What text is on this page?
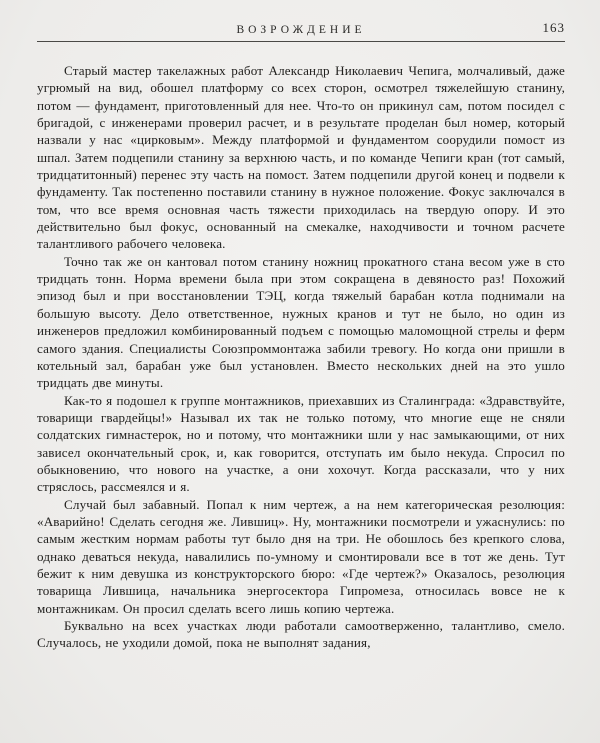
ВОЗРОЖДЕНИЕ	163

Старый мастер такелажных работ Александр Николаевич Чепига, молчаливый, даже угрюмый на вид, обошел платформу со всех сторон, осмотрел тяжелейшую станину, потом — фундамент, приготовленный для нее. Что-то он прикинул сам, потом посидел с бригадой, с инженерами проверил расчет, и в результате проделан был номер, который назвали у нас «цирковым». Между платформой и фундаментом соорудили помост из шпал. Затем подцепили станину за верхнюю часть, и по команде Чепиги кран (тот самый, тридцатитонный) перенес эту часть на помост. Затем подцепили другой конец и подвели к фундаменту. Так постепенно поставили станину в нужное положение. Фокус заключался в том, что все время основная часть тяжести приходилась на твердую опору. И это действительно был фокус, основанный на смекалке, находчивости и точном расчете талантливого рабочего человека.

Точно так же он кантовал потом станину ножниц прокатного стана весом уже в сто тридцать тонн. Норма времени была при этом сокращена в девяносто раз! Похожий эпизод был и при восстановлении ТЭЦ, когда тяжелый барабан котла поднимали на большую высоту. Дело ответственное, нужных кранов и тут не было, но один из инженеров предложил комбинированный подъем с помощью маломощной стрелы и ферм самого здания. Специалисты Союзпроммонтажа забили тревогу. Но когда они пришли в котельный зал, барабан уже был установлен. Вместо нескольких дней на это ушло тридцать две минуты.

Как-то я подошел к группе монтажников, приехавших из Сталинграда: «Здравствуйте, товарищи гвардейцы!» Называл их так не только потому, что многие еще не сняли солдатских гимнастерок, но и потому, что монтажники шли у нас замыкающими, от них зависел окончательный срок, и, как говорится, отступать им было некуда. Спросил по обыкновению, что нового на участке, а они хохочут. Когда рассказали, что у них стряслось, рассмеялся и я.

Случай был забавный. Попал к ним чертеж, а на нем категорическая резолюция: «Аварийно! Сделать сегодня же. Лившиц». Ну, монтажники посмотрели и ужаснулись: по самым жестким нормам работы тут было дня на три. Не обошлось без крепкого слова, однако деваться некуда, навалились по-умному и смонтировали все в тот же день. Тут бежит к ним девушка из конструкторского бюро: «Где чертеж?» Оказалось, резолюция товарища Лившица, начальника энергосектора Гипромеза, относилась вовсе не к монтажникам. Он просил сделать всего лишь копию чертежа.

Буквально на всех участках люди работали самоотверженно, талантливо, смело. Случалось, не уходили домой, пока не выполнят задания,
